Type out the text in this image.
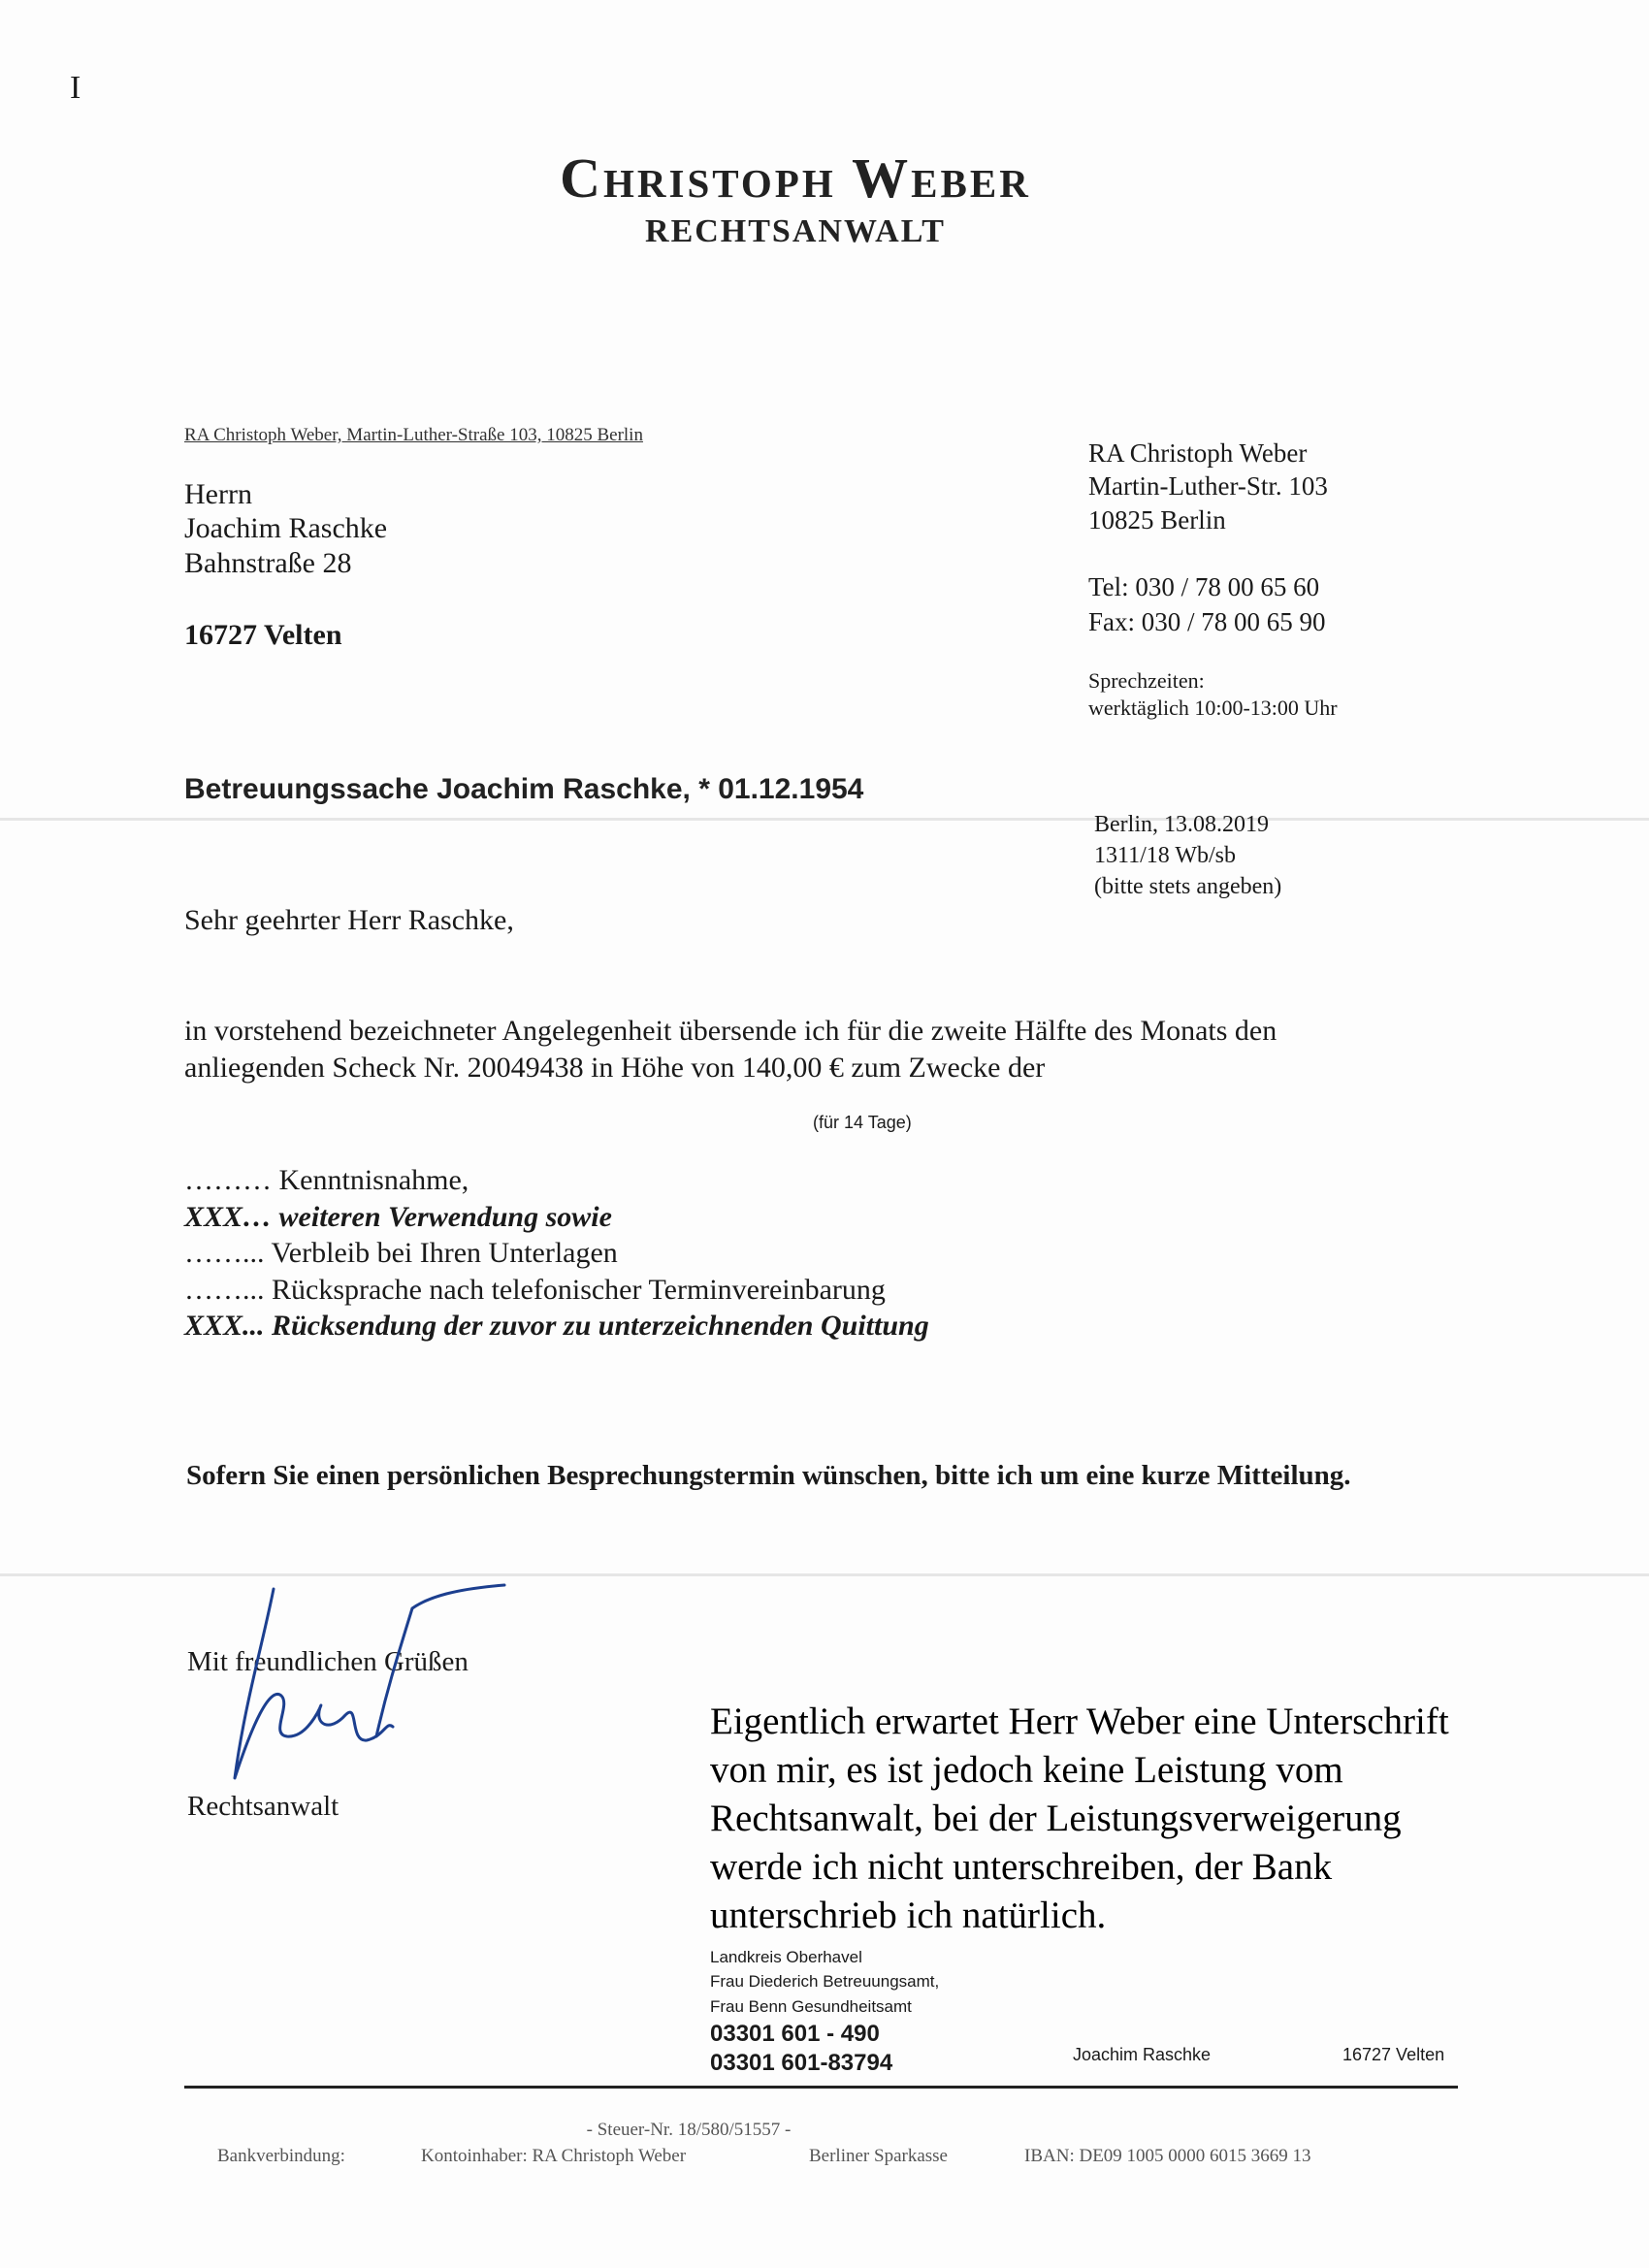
I
Christoph Weber
RECHTSANWALT
RA Christoph Weber, Martin-Luther-Straße 103, 10825 Berlin
Herrn
Joachim Raschke
Bahnstraße 28
16727 Velten
RA Christoph Weber
Martin-Luther-Str. 103
10825 Berlin
Tel: 030 / 78 00 65 60
Fax: 030 / 78 00 65 90
Sprechzeiten:
werktäglich 10:00-13:00 Uhr
Betreuungssache Joachim Raschke, * 01.12.1954
Berlin, 13.08.2019
1311/18 Wb/sb
(bitte stets angeben)
Sehr geehrter Herr Raschke,
in vorstehend bezeichneter Angelegenheit übersende ich für die zweite Hälfte des Monats den
anliegenden Scheck Nr. 20049438 in Höhe von 140,00 € zum Zwecke der
(für 14 Tage)
……… Kenntnisnahme,
XXX… weiteren Verwendung sowie
……... Verbleib bei Ihren Unterlagen
……... Rücksprache nach telefonischer Terminvereinbarung
XXX... Rücksendung der zuvor zu unterzeichnenden Quittung
Sofern Sie einen persönlichen Besprechungstermin wünschen, bitte ich um eine kurze Mitteilung.
Mit freundlichen Grüßen
Rechtsanwalt
Eigentlich erwartet Herr Weber eine Unterschrift
von mir, es ist jedoch keine Leistung vom
Rechtsanwalt, bei der Leistungsverweigerung
werde ich nicht unterschreiben, der Bank
unterschrieb ich natürlich.
Landkreis Oberhavel
Frau Diederich Betreuungsamt,
Frau Benn Gesundheitsamt
03301 601 - 490
03301 601-83794	Joachim Raschke	16727 Velten
- Steuer-Nr. 18/580/51557 -
Bankverbindung:	Kontoinhaber: RA Christoph Weber	Berliner Sparkasse	IBAN: DE09 1005 0000 6015 3669 13
